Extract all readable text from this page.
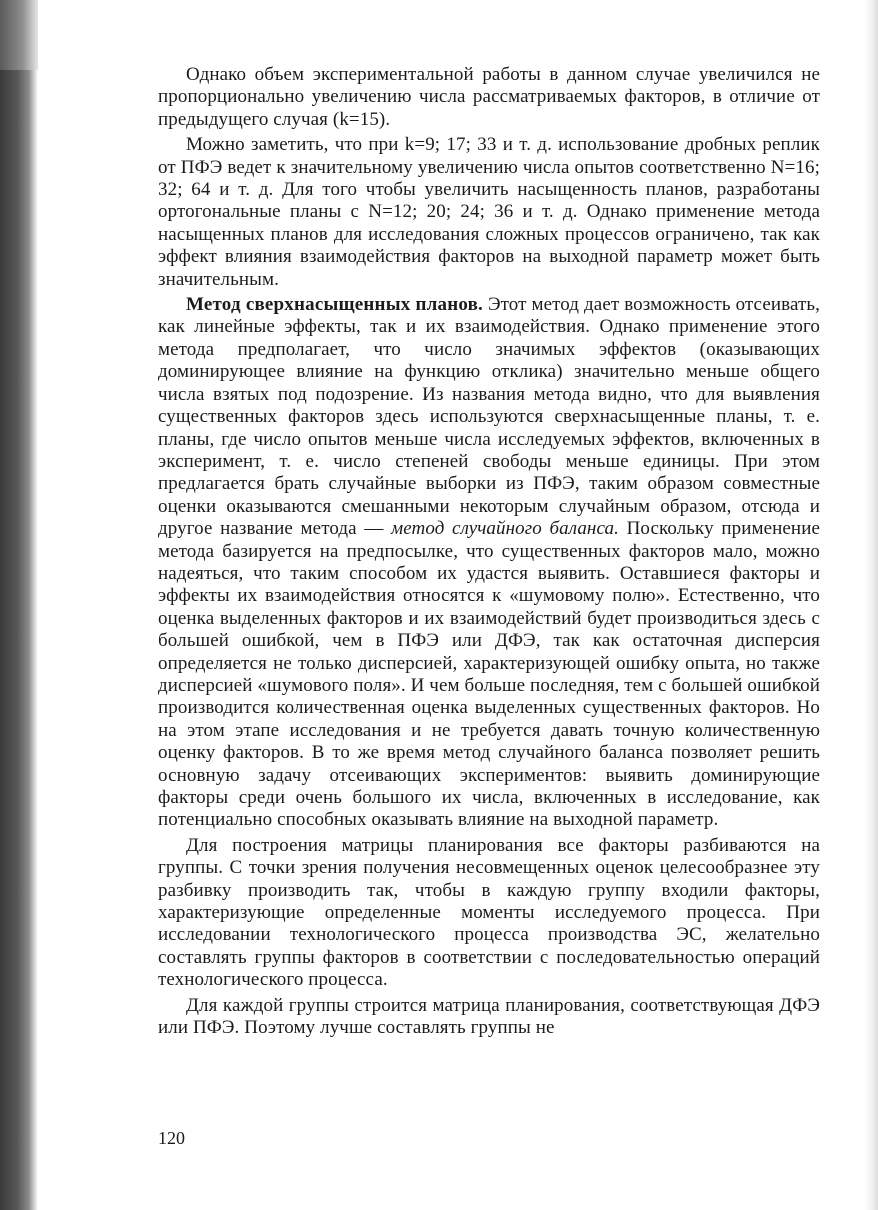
Однако объем экспериментальной работы в данном случае увеличился не пропорционально увеличению числа рассматриваемых факторов, в отличие от предыдущего случая (k=15).

Можно заметить, что при k=9; 17; 33 и т. д. использование дробных реплик от ПФЭ ведет к значительному увеличению числа опытов соответственно N=16; 32; 64 и т. д. Для того чтобы увеличить насыщенность планов, разработаны ортогональные планы с N=12; 20; 24; 36 и т. д. Однако применение метода насыщенных планов для исследования сложных процессов ограничено, так как эффект влияния взаимодействия факторов на выходной параметр может быть значительным.

Метод сверхнасыщенных планов. Этот метод дает возможность отсеивать, как линейные эффекты, так и их взаимодействия. Однако применение этого метода предполагает, что число значимых эффектов (оказывающих доминирующее влияние на функцию отклика) значительно меньше общего числа взятых под подозрение. Из названия метода видно, что для выявления существенных факторов здесь используются сверхнасыщенные планы, т. е. планы, где число опытов меньше числа исследуемых эффектов, включенных в эксперимент, т. е. число степеней свободы меньше единицы. При этом предлагается брать случайные выборки из ПФЭ, таким образом совместные оценки оказываются смешанными некоторым случайным образом, отсюда и другое название метода — метод случайного баланса. Поскольку применение метода базируется на предпосылке, что существенных факторов мало, можно надеяться, что таким способом их удастся выявить. Оставшиеся факторы и эффекты их взаимодействия относятся к «шумовому полю». Естественно, что оценка выделенных факторов и их взаимодействий будет производиться здесь с большей ошибкой, чем в ПФЭ или ДФЭ, так как остаточная дисперсия определяется не только дисперсией, характеризующей ошибку опыта, но также дисперсией «шумового поля». И чем больше последняя, тем с большей ошибкой производится количественная оценка выделенных существенных факторов. Но на этом этапе исследования и не требуется давать точную количественную оценку факторов. В то же время метод случайного баланса позволяет решить основную задачу отсеивающих экспериментов: выявить доминирующие факторы среди очень большого их числа, включенных в исследование, как потенциально способных оказывать влияние на выходной параметр.

Для построения матрицы планирования все факторы разбиваются на группы. С точки зрения получения несовмещенных оценок целесообразнее эту разбивку производить так, чтобы в каждую группу входили факторы, характеризующие определенные моменты исследуемого процесса. При исследовании технологического процесса производства ЭС, желательно составлять группы факторов в соответствии с последовательностью операций технологического процесса.

Для каждой группы строится матрица планирования, соответствующая ДФЭ или ПФЭ. Поэтому лучше составлять группы не

120
